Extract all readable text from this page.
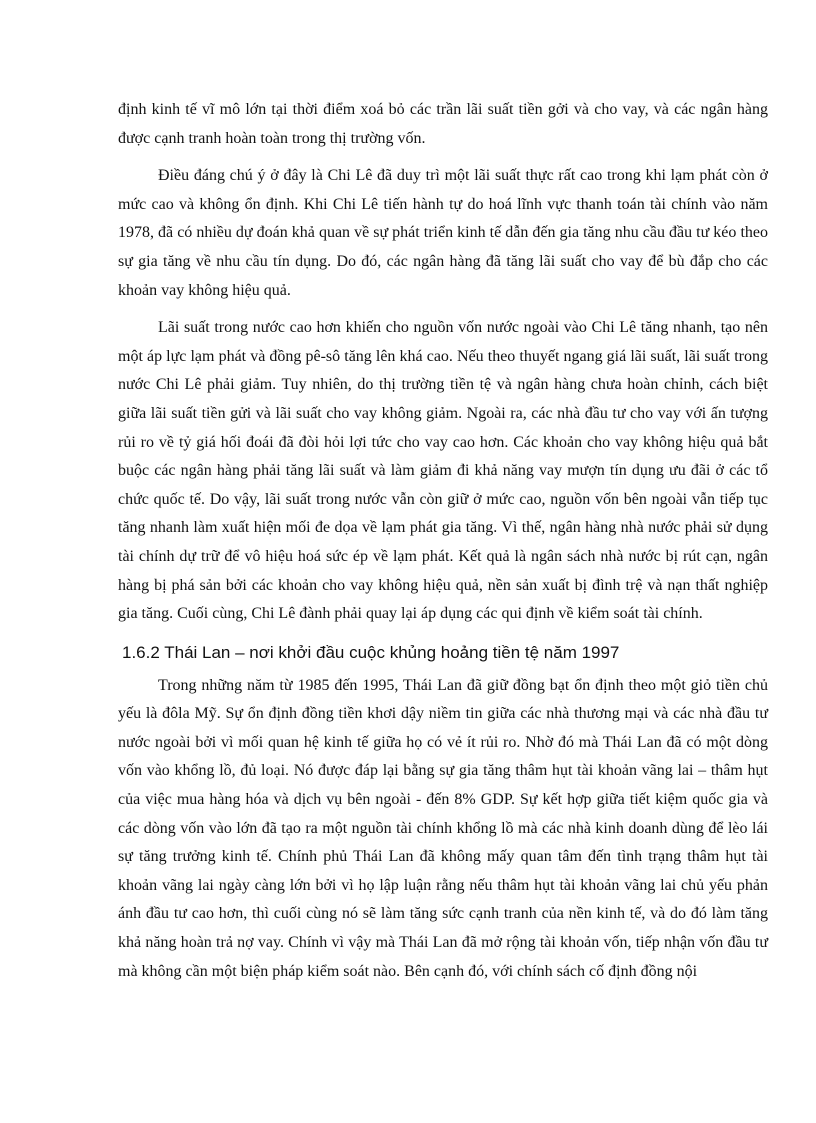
định kinh tế vĩ mô lớn tại thời điểm xoá bỏ các trần lãi suất tiền gởi và cho vay, và các ngân hàng được cạnh tranh hoàn toàn trong thị trường vốn.

Điều đáng chú ý ở đây là Chi Lê đã duy trì một lãi suất thực rất cao trong khi lạm phát còn ở mức cao và không ổn định. Khi Chi Lê tiến hành tự do hoá lĩnh vực thanh toán tài chính vào năm 1978, đã có nhiều dự đoán khả quan về sự phát triển kinh tế dẫn đến gia tăng nhu cầu đầu tư kéo theo sự gia tăng về nhu cầu tín dụng. Do đó, các ngân hàng đã tăng lãi suất cho vay để bù đắp cho các khoản vay không hiệu quả.

Lãi suất trong nước cao hơn khiến cho nguồn vốn nước ngoài vào Chi Lê tăng nhanh, tạo nên một áp lực lạm phát và đồng pê-sô tăng lên khá cao. Nếu theo thuyết ngang giá lãi suất, lãi suất trong nước Chi Lê phải giảm. Tuy nhiên, do thị trường tiền tệ và ngân hàng chưa hoàn chỉnh, cách biệt giữa lãi suất tiền gửi và lãi suất cho vay không giảm. Ngoài ra, các nhà đầu tư cho vay với ấn tượng rủi ro về tỷ giá hối đoái đã đòi hỏi lợi tức cho vay cao hơn. Các khoản cho vay không hiệu quả bắt buộc các ngân hàng phải tăng lãi suất và làm giảm đi khả năng vay mượn tín dụng ưu đãi ở các tổ chức quốc tế. Do vậy, lãi suất trong nước vẫn còn giữ ở mức cao, nguồn vốn bên ngoài vẫn tiếp tục tăng nhanh làm xuất hiện mối đe dọa về lạm phát gia tăng. Vì thế, ngân hàng nhà nước phải sử dụng tài chính dự trữ để vô hiệu hoá sức ép về lạm phát. Kết quả là ngân sách nhà nước bị rút cạn, ngân hàng bị phá sản bởi các khoản cho vay không hiệu quả, nền sản xuất bị đình trệ và nạn thất nghiệp gia tăng. Cuối cùng, Chi Lê đành phải quay lại áp dụng các qui định về kiểm soát tài chính.

1.6.2 Thái Lan – nơi khởi đầu cuộc khủng hoảng tiền tệ năm 1997

Trong những năm từ 1985 đến 1995, Thái Lan đã giữ đồng bạt ổn định theo một giỏ tiền chủ yếu là đôla Mỹ. Sự ổn định đồng tiền khơi dậy niềm tin giữa các nhà thương mại và các nhà đầu tư nước ngoài bởi vì mối quan hệ kinh tế giữa họ có vẻ ít rủi ro. Nhờ đó mà Thái Lan đã có một dòng vốn vào khổng lồ, đủ loại. Nó được đáp lại bằng sự gia tăng thâm hụt tài khoản vãng lai – thâm hụt của việc mua hàng hóa và dịch vụ bên ngoài - đến 8% GDP. Sự kết hợp giữa tiết kiệm quốc gia và các dòng vốn vào lớn đã tạo ra một nguồn tài chính khổng lồ mà các nhà kinh doanh dùng để lèo lái sự tăng trưởng kinh tế. Chính phủ Thái Lan đã không mấy quan tâm đến tình trạng thâm hụt tài khoản vãng lai ngày càng lớn bởi vì họ lập luận rằng nếu thâm hụt tài khoản vãng lai chủ yếu phản ánh đầu tư cao hơn, thì cuối cùng nó sẽ làm tăng sức cạnh tranh của nền kinh tế, và do đó làm tăng khả năng hoàn trả nợ vay. Chính vì vậy mà Thái Lan đã mở rộng tài khoản vốn, tiếp nhận vốn đầu tư mà không cần một biện pháp kiểm soát nào. Bên cạnh đó, với chính sách cố định đồng nội
